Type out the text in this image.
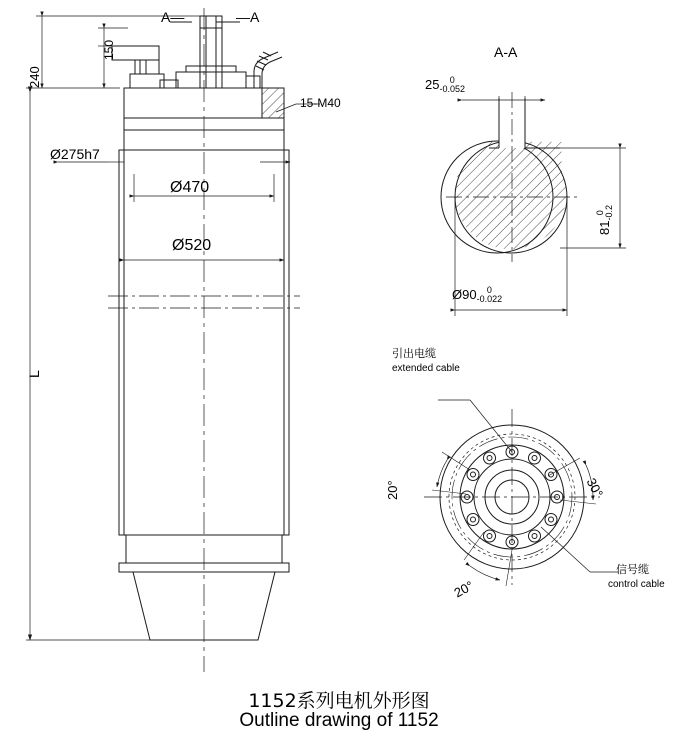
240
150
L
A—	—A
Ø275h7
Ø470
Ø520
15-M40
A-A
25	0
-0.052
81
0 -0.2
Ø90	0
-0.022
引出电缆
extended cable
信号缆
control cable
20°	30°
20°
1152系列电机外形图
Outline drawing of 1152
